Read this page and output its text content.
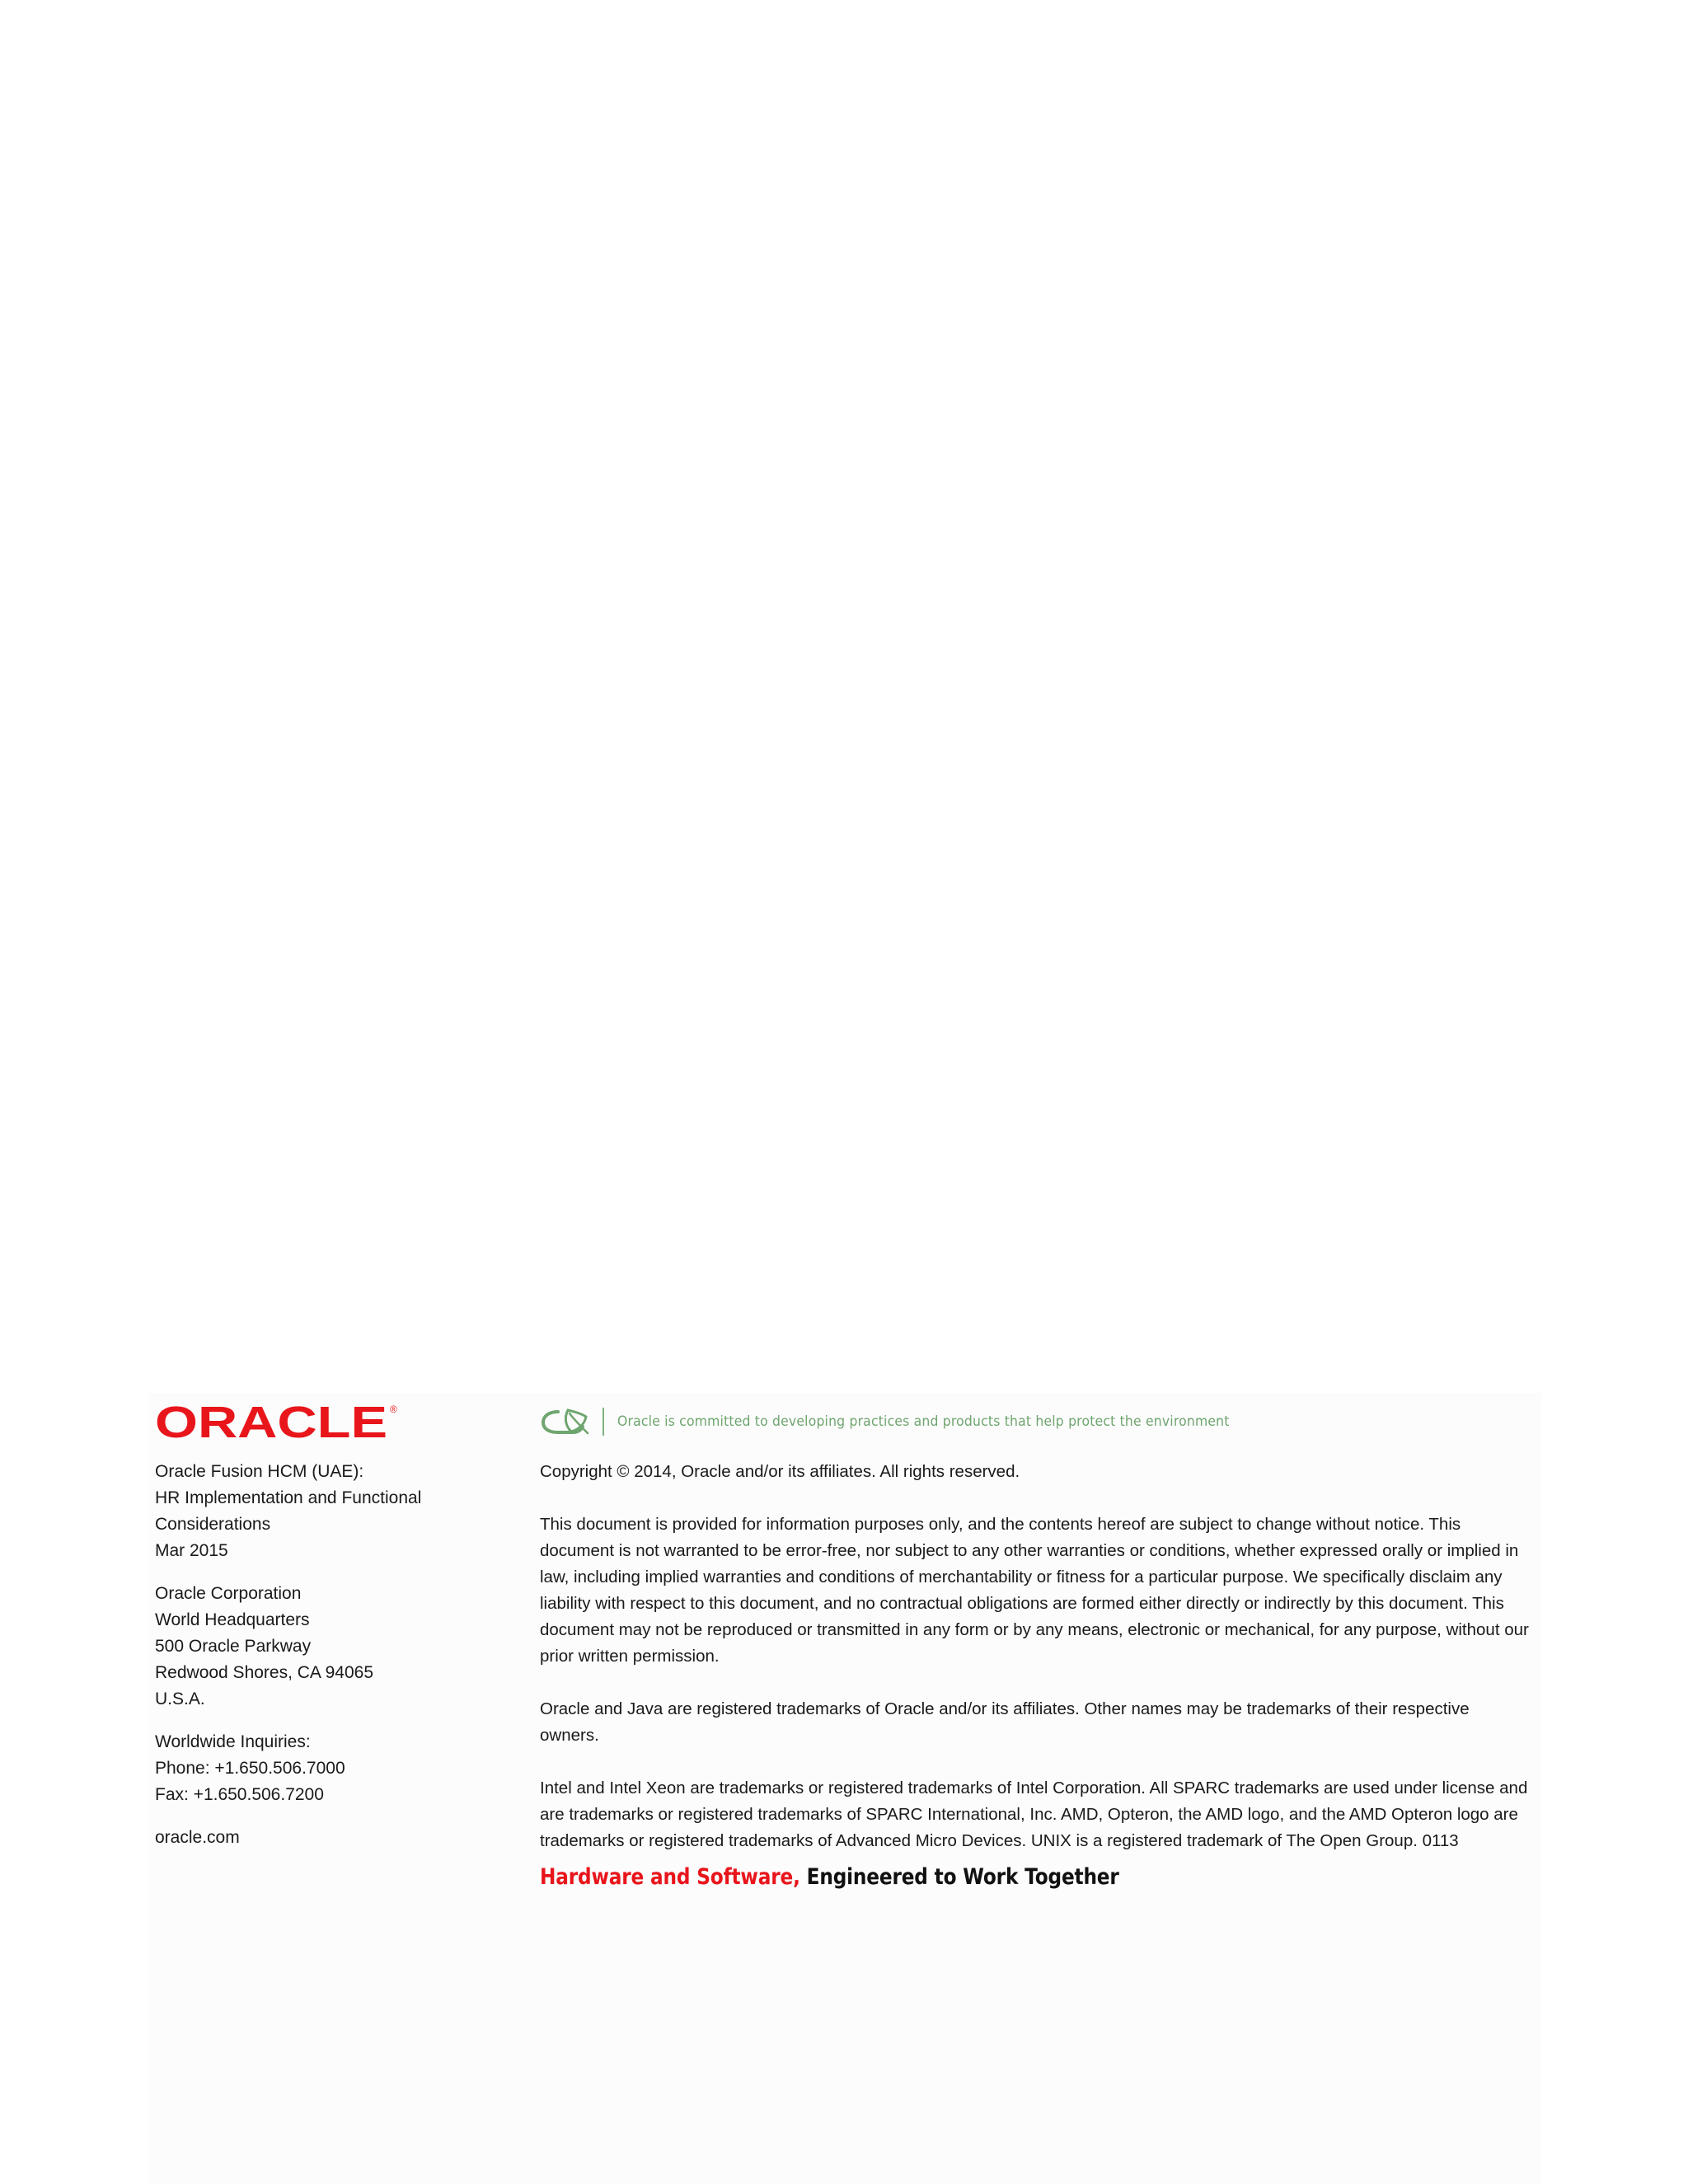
ORACLE ®

Oracle Fusion HCM (UAE):

HR Implementation and Functional

Considerations

Mar 2015

Oracle Corporation

World Headquarters

500 Oracle Parkway

Redwood Shores, CA 94065

U.S.A.

Worldwide Inquiries:

Phone: +1.650.506.7000

Fax: +1.650.506.7200

oracle.com

Oracle is committed to developing practices and products that help protect the environment

Copyright © 2014, Oracle and/or its affiliates. All rights reserved.

This document is provided for information purposes only, and the contents hereof are subject to change without notice. This document is not warranted to be error-free, nor subject to any other warranties or conditions, whether expressed orally or implied in law, including implied warranties and conditions of merchantability or fitness for a particular purpose. We specifically disclaim any liability with respect to this document, and no contractual obligations are formed either directly or indirectly by this document. This document may not be reproduced or transmitted in any form or by any means, electronic or mechanical, for any purpose, without our prior written permission.

Oracle and Java are registered trademarks of Oracle and/or its affiliates. Other names may be trademarks of their respective owners.

Intel and Intel Xeon are trademarks or registered trademarks of Intel Corporation. All SPARC trademarks are used under license and are trademarks or registered trademarks of SPARC International, Inc. AMD, Opteron, the AMD logo, and the AMD Opteron logo are trademarks or registered trademarks of Advanced Micro Devices. UNIX is a registered trademark of The Open Group. 0113

Hardware and Software, Engineered to Work Together
